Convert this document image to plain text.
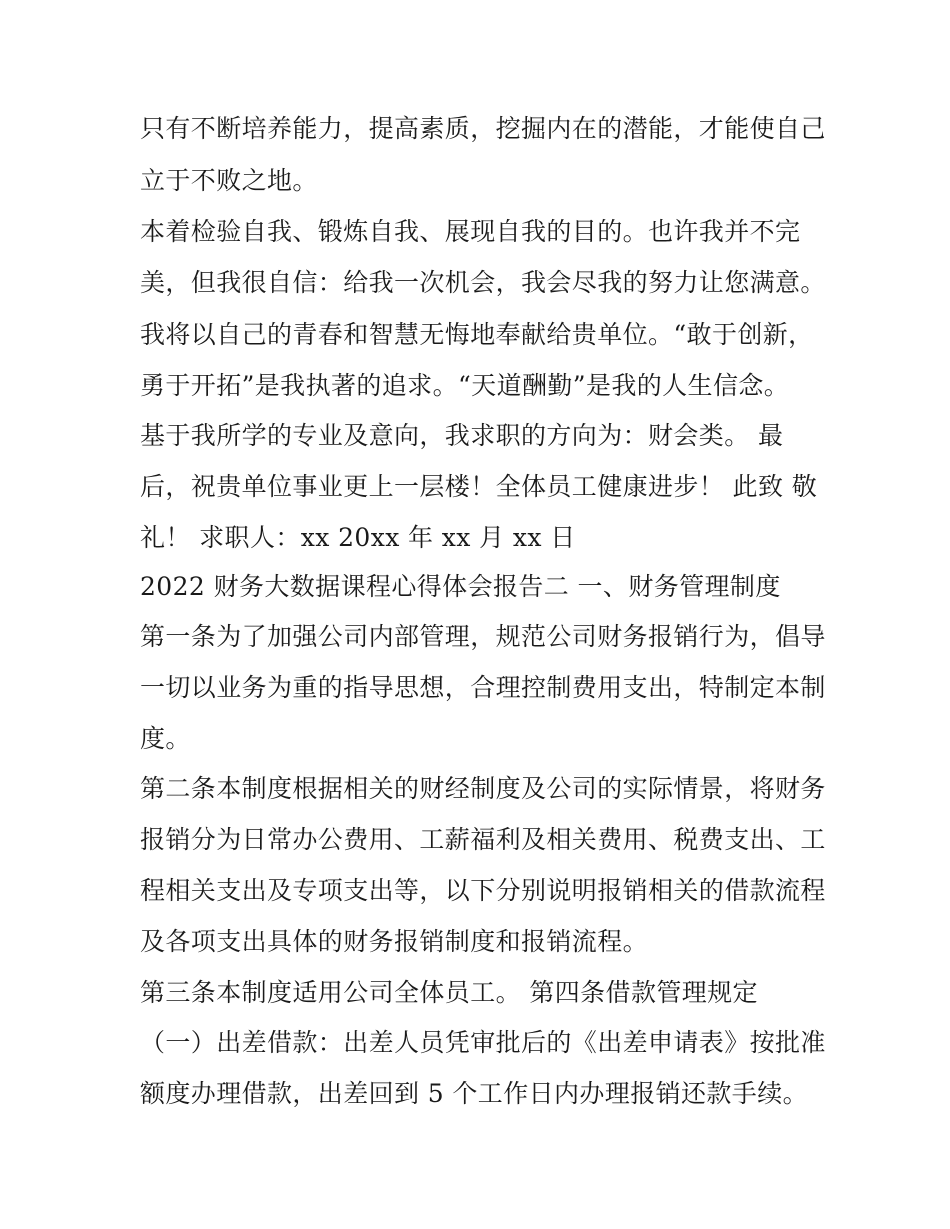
只有不断培养能力，提高素质，挖掘内在的潜能，才能使自己

立于不败之地。

本着检验自我、锻炼自我、展现自我的目的。也许我并不完

美，但我很自信：给我一次机会，我会尽我的努力让您满意。

我将以自己的青春和智慧无悔地奉献给贵单位。“敢于创新，

勇于开拓”是我执著的追求。“天道酬勤”是我的人生信念。

基于我所学的专业及意向，我求职的方向为：财会类。 最

后，祝贵单位事业更上一层楼！全体员工健康进步！ 此致 敬

礼！ 求职人：xx 20xx 年 xx 月 xx 日

2022 财务大数据课程心得体会报告二 一、财务管理制度

第一条为了加强公司内部管理，规范公司财务报销行为，倡导

一切以业务为重的指导思想，合理控制费用支出，特制定本制

度。

第二条本制度根据相关的财经制度及公司的实际情景，将财务

报销分为日常办公费用、工薪福利及相关费用、税费支出、工

程相关支出及专项支出等，以下分别说明报销相关的借款流程

及各项支出具体的财务报销制度和报销流程。

第三条本制度适用公司全体员工。 第四条借款管理规定

（一）出差借款：出差人员凭审批后的《出差申请表》按批准

额度办理借款，出差回到 5 个工作日内办理报销还款手续。
